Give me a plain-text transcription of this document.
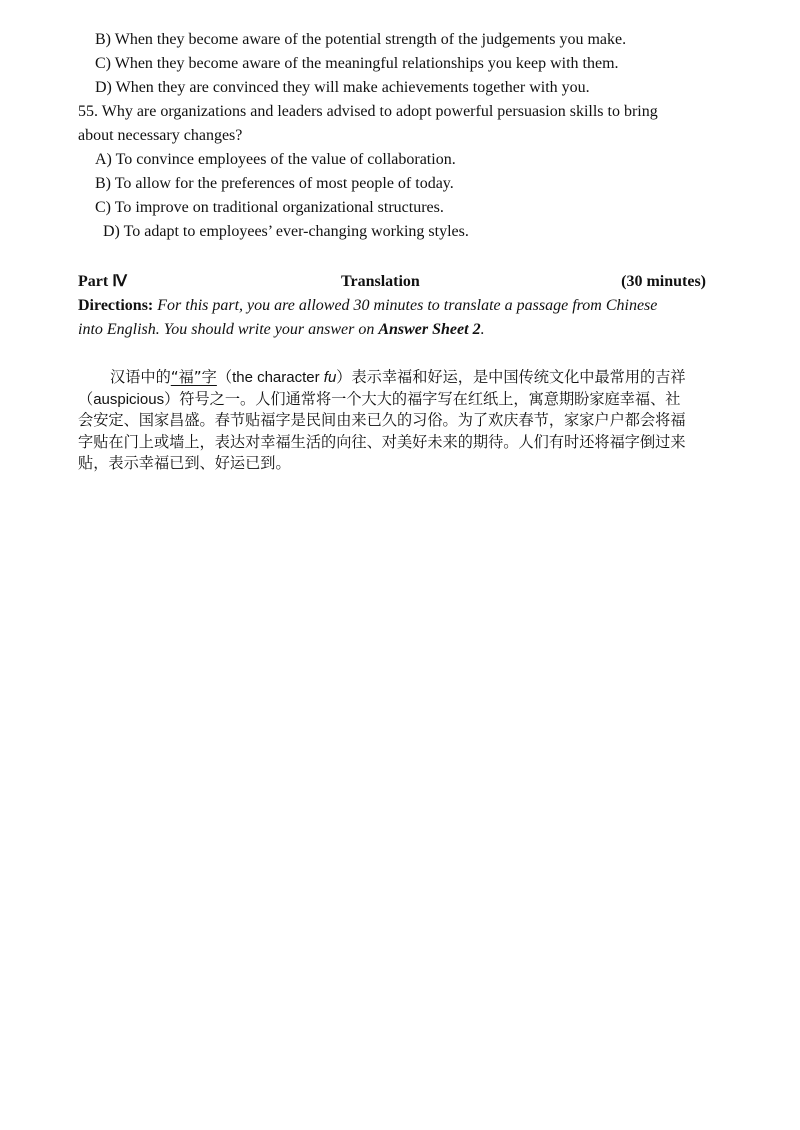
B) When they become aware of the potential strength of the judgements you make.
C) When they become aware of the meaningful relationships you keep with them.
D) When they are convinced they will make achievements together with you.
55. Why are organizations and leaders advised to adopt powerful persuasion skills to bring
about necessary changes?
A) To convince employees of the value of collaboration.
B) To allow for the preferences of most people of today.
C) To improve on traditional organizational structures.
D) To adapt to employees’ ever-changing working styles.
Part Ⅳ	Translation	(30 minutes)
Directions: For this part, you are allowed 30 minutes to translate a passage from Chinese
into English. You should write your answer on Answer Sheet 2.
汉语中的“福”字（the character fu）表示幸福和好运，是中国传统文化中最常用的吉祥
（auspicious）符号之一。人们通常将一个大大的福字写在红纸上，寓意期盼家庭幸福、社
会安定、国家昌盛。春节贴福字是民间由来已久的习俗。为了欢庆春节，家家户户都会将福
字贴在门上或墙上，表达对幸福生活的向往、对美好未来的期待。人们有时还将福字倒过来
贴，表示幸福已到、好运已到。
